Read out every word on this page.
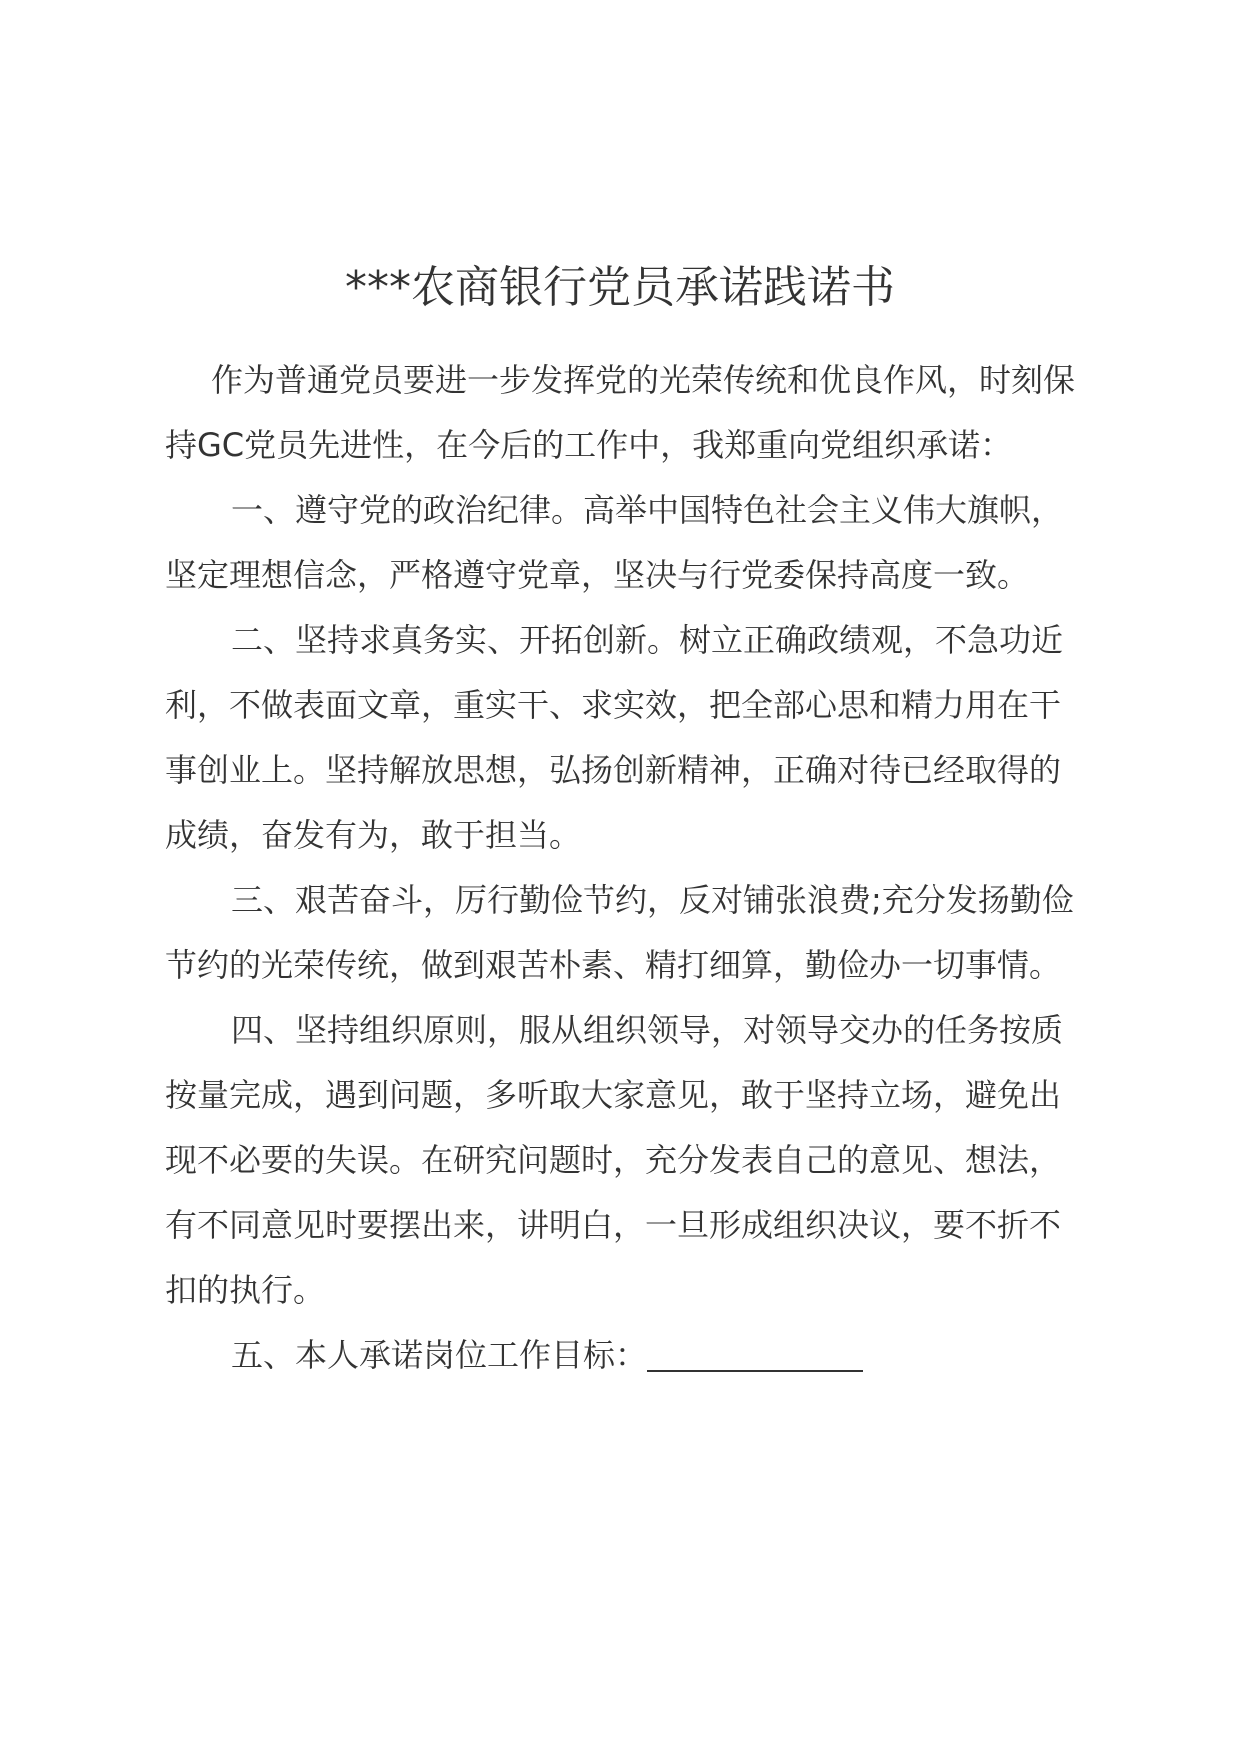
***农商银行党员承诺践诺书

作为普通党员要进一步发挥党的光荣传统和优良作风，时刻保持GC党员先进性，在今后的工作中，我郑重向党组织承诺：

一、遵守党的政治纪律。高举中国特色社会主义伟大旗帜，坚定理想信念，严格遵守党章，坚决与行党委保持高度一致。

二、坚持求真务实、开拓创新。树立正确政绩观，不急功近利，不做表面文章，重实干、求实效，把全部心思和精力用在干事创业上。坚持解放思想，弘扬创新精神，正确对待已经取得的成绩，奋发有为，敢于担当。

三、艰苦奋斗，厉行勤俭节约，反对铺张浪费;充分发扬勤俭节约的光荣传统，做到艰苦朴素、精打细算，勤俭办一切事情。

四、坚持组织原则，服从组织领导，对领导交办的任务按质按量完成，遇到问题，多听取大家意见，敢于坚持立场，避免出现不必要的失误。在研究问题时，充分发表自己的意见、想法，有不同意见时要摆出来，讲明白，一旦形成组织决议，要不折不扣的执行。

五、本人承诺岗位工作目标：
